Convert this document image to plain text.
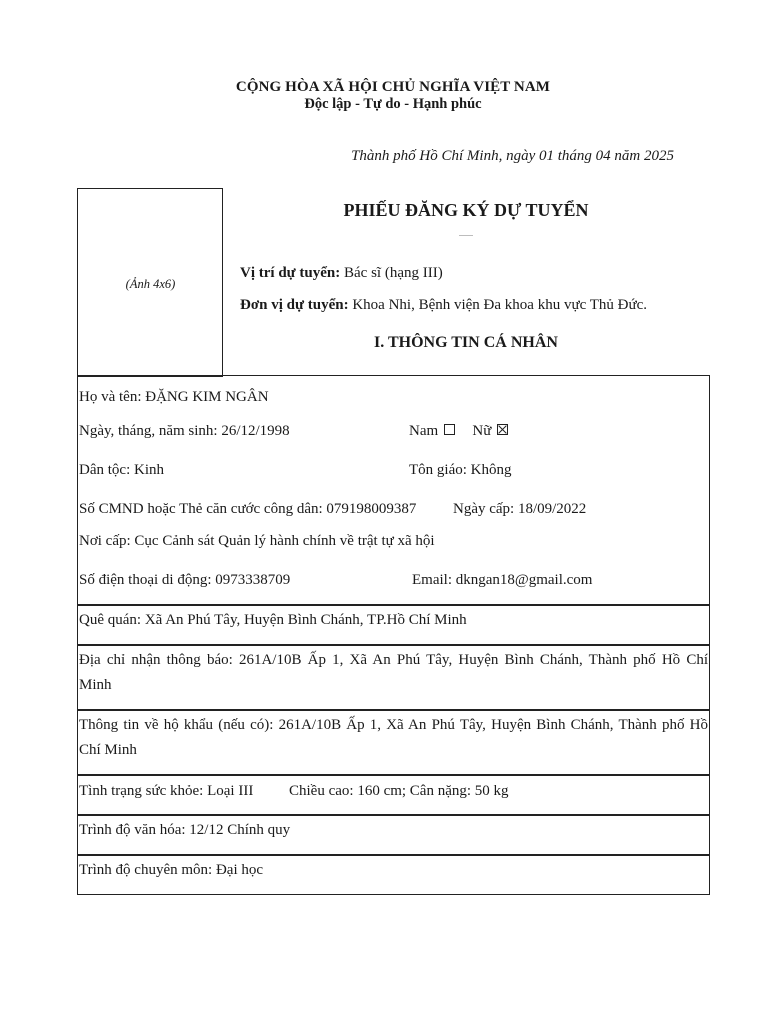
CỘNG HÒA XÃ HỘI CHỦ NGHĨA VIỆT NAM
Độc lập - Tự do - Hạnh phúc
Thành phố Hồ Chí Minh, ngày 01 tháng 04 năm 2025
(Ảnh 4x6)
PHIẾU ĐĂNG KÝ DỰ TUYỂN
Vị trí dự tuyển: Bác sĩ (hạng III)
Đơn vị dự tuyển: Khoa Nhi, Bệnh viện Đa khoa khu vực Thủ Đức.
I. THÔNG TIN CÁ NHÂN
Họ và tên: ĐẶNG KIM NGÂN
Ngày, tháng, năm sinh: 26/12/1998	Nam Nữ
Dân tộc: Kinh	Tôn giáo: Không
Số CMND hoặc Thẻ căn cước công dân: 079198009387 Ngày cấp: 18/09/2022
Nơi cấp: Cục Cảnh sát Quản lý hành chính về trật tự xã hội
Số điện thoại di động: 0973338709	Email: dkngan18@gmail.com
Quê quán: Xã An Phú Tây, Huyện Bình Chánh, TP.Hồ Chí Minh
Địa chỉ nhận thông báo: 261A/10B Ấp 1, Xã An Phú Tây, Huyện Bình Chánh, Thành phố Hồ Chí
Minh
Thông tin về hộ khẩu (nếu có): 261A/10B Ấp 1, Xã An Phú Tây, Huyện Bình Chánh, Thành phố Hồ
Chí Minh
Tình trạng sức khỏe: Loại III Chiều cao: 160 cm; Cân nặng: 50 kg
Trình độ văn hóa: 12/12 Chính quy
Trình độ chuyên môn: Đại học
